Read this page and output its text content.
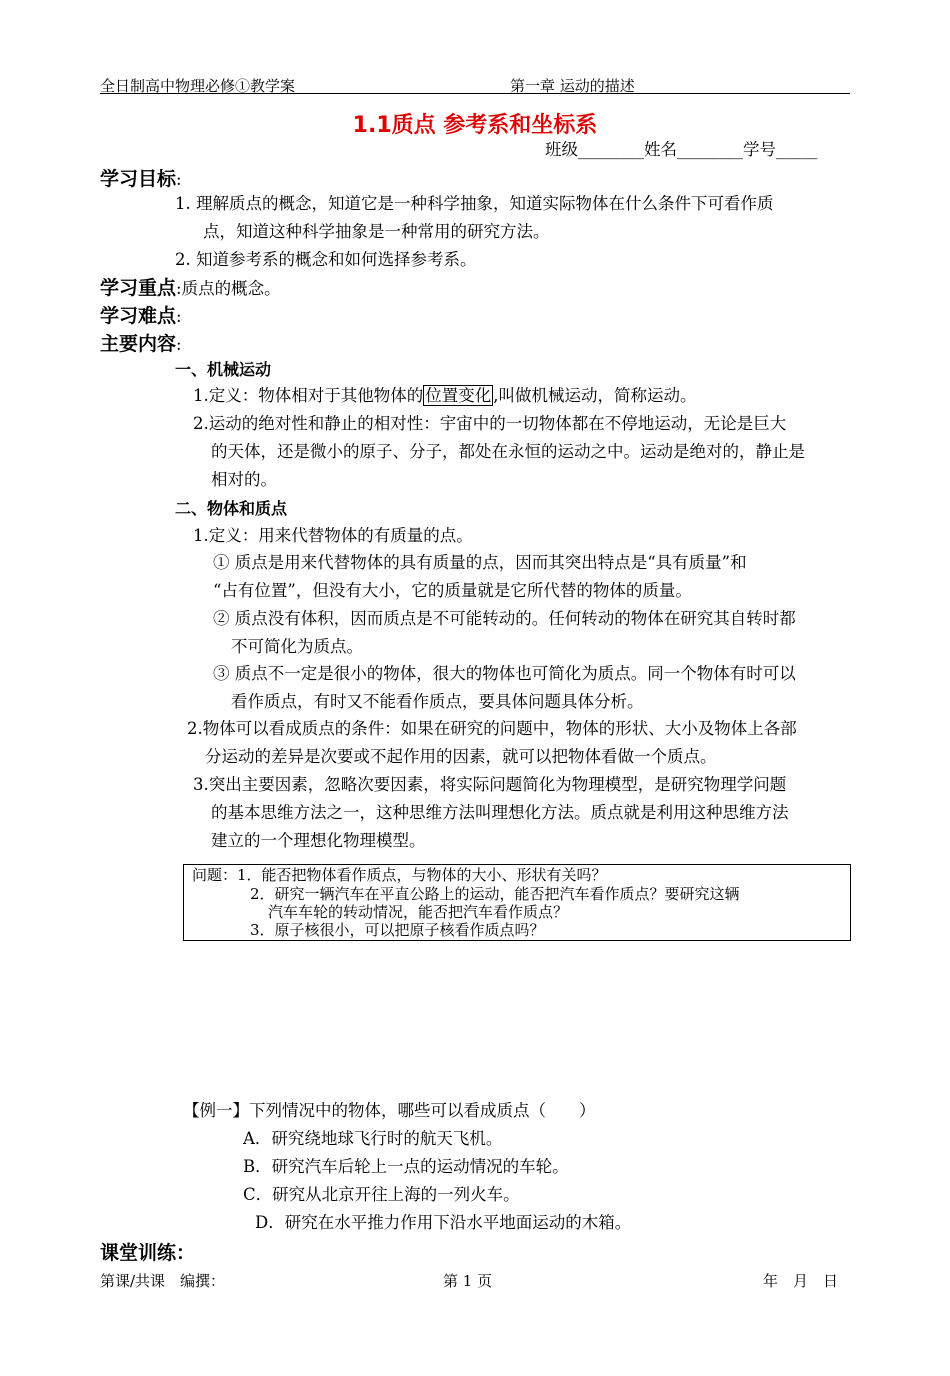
全日制高中物理必修①教学案	第一章 运动的描述
1.1质点 参考系和坐标系
班级________姓名________学号_____
学习目标:
1. 理解质点的概念，知道它是一种科学抽象，知道实际物体在什么条件下可看作质
点，知道这种科学抽象是一种常用的研究方法。
2. 知道参考系的概念和如何选择参考系。
学习重点:质点的概念。
学习难点:
主要内容:
一、机械运动
1.定义：物体相对于其他物体的 位置变化 ,叫做机械运动，简称运动。
2.运动的绝对性和静止的相对性：宇宙中的一切物体都在不停地运动，无论是巨大
的天体，还是微小的原子、分子，都处在永恒的运动之中。运动是绝对的，静止是
相对的。
二、物体和质点
1.定义：用来代替物体的有质量的点。
① 质点是用来代替物体的具有质量的点，因而其突出特点是“具有质量”和
“占有位置”，但没有大小，它的质量就是它所代替的物体的质量。
② 质点没有体积，因而质点是不可能转动的。任何转动的物体在研究其自转时都
不可简化为质点。
③ 质点不一定是很小的物体，很大的物体也可简化为质点。同一个物体有时可以
看作质点，有时又不能看作质点，要具体问题具体分析。
2.物体可以看成质点的条件：如果在研究的问题中，物体的形状、大小及物体上各部
分运动的差异是次要或不起作用的因素，就可以把物体看做一个质点。
3.突出主要因素，忽略次要因素，将实际问题简化为物理模型，是研究物理学问题
的基本思维方法之一，这种思维方法叫理想化方法。质点就是利用这种思维方法
建立的一个理想化物理模型。
问题：1．能否把物体看作质点，与物体的大小、形状有关吗？
2．研究一辆汽车在平直公路上的运动，能否把汽车看作质点？要研究这辆
汽车车轮的转动情况，能否把汽车看作质点？
3．原子核很小，可以把原子核看作质点吗？
【例一】下列情况中的物体，哪些可以看成质点（　　）
A．研究绕地球飞行时的航天飞机。
B．研究汽车后轮上一点的运动情况的车轮。
C．研究从北京开往上海的一列火车。
D．研究在水平推力作用下沿水平地面运动的木箱。
课堂训练：
第课/共课　编撰：	第 1 页	年　月　日
